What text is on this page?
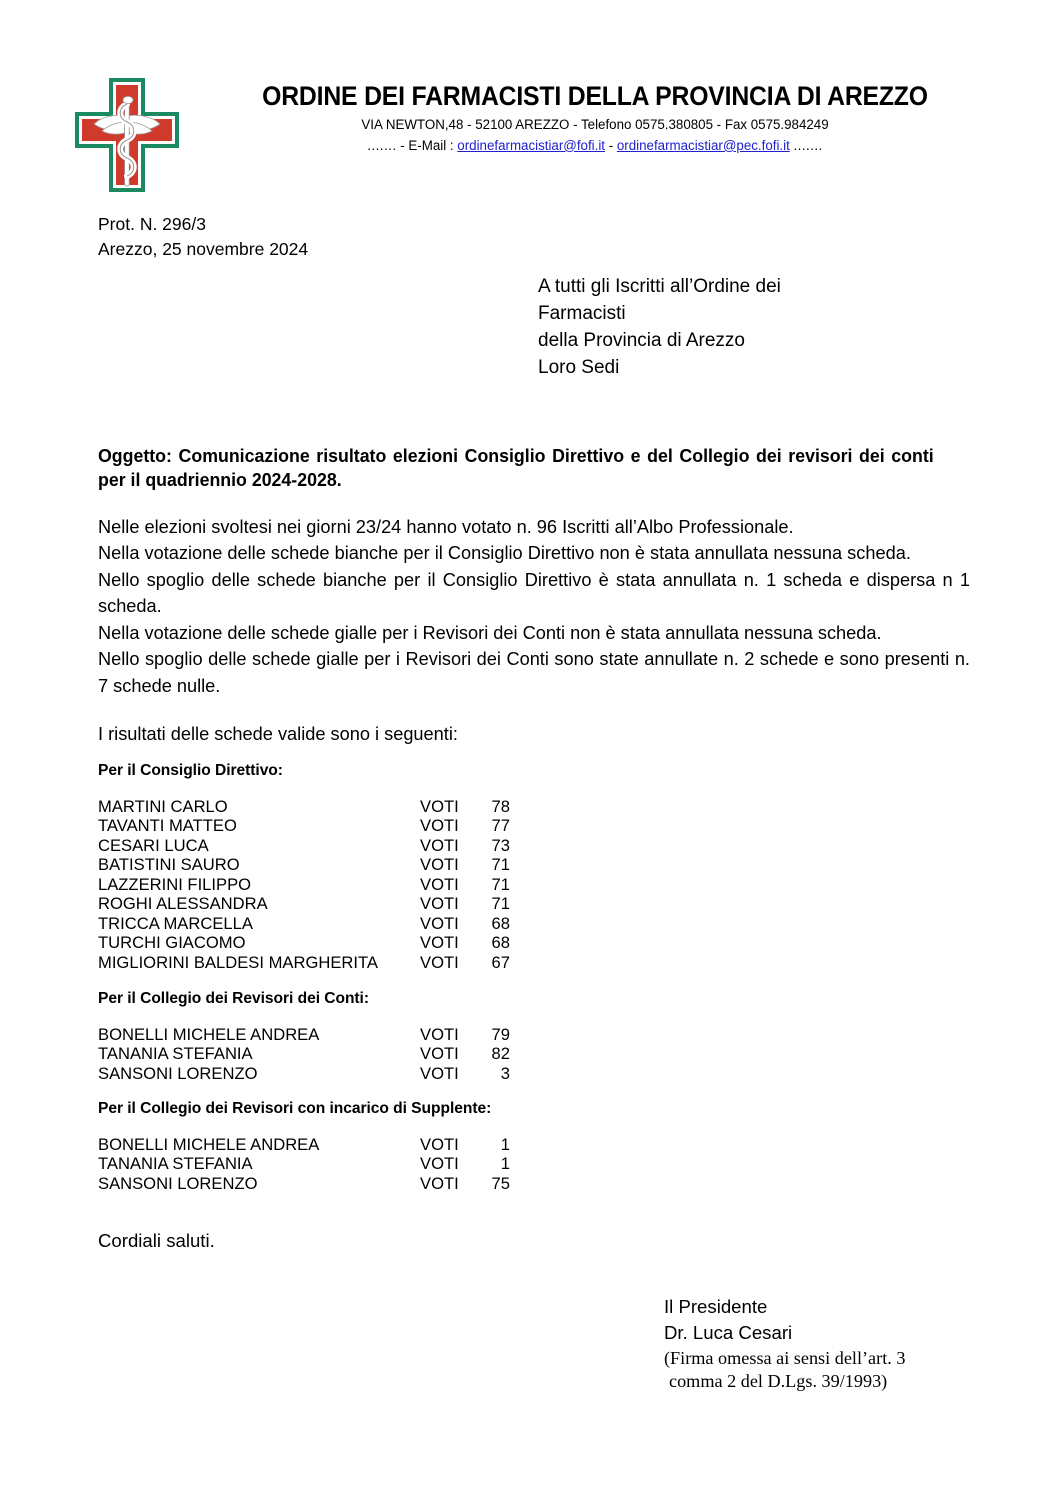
ORDINE DEI FARMACISTI DELLA PROVINCIA DI AREZZO
VIA NEWTON,48 - 52100 AREZZO - Telefono 0575.380805 - Fax 0575.984249
....... - E-Mail : ordinefarmacistiar@fofi.it - ordinefarmacistiar@pec.fofi.it .......
Prot. N. 296/3
Arezzo, 25 novembre 2024
A tutti gli Iscritti all’Ordine dei
Farmacisti
della Provincia di Arezzo
Loro Sedi
Oggetto: Comunicazione risultato elezioni Consiglio Direttivo e del Collegio dei revisori dei conti per il quadriennio 2024-2028.

Nelle elezioni svoltesi nei giorni 23/24 hanno votato n. 96 Iscritti all’Albo Professionale.

Nella votazione delle schede bianche per il Consiglio Direttivo non è stata annullata nessuna scheda.

Nello spoglio delle schede bianche per il Consiglio Direttivo è stata annullata n. 1 scheda e dispersa n 1 scheda.

Nella votazione delle schede gialle per i Revisori dei Conti non è stata annullata nessuna scheda.

Nello spoglio delle schede gialle per i Revisori dei Conti sono state annullate n. 2 schede e sono presenti n. 7 schede nulle.

I risultati delle schede valide sono i seguenti:
Per il Consiglio Direttivo:
MARTINI CARLO	VOTI	78
TAVANTI MATTEO	VOTI	77
CESARI LUCA	VOTI	73
BATISTINI SAURO	VOTI	71
LAZZERINI FILIPPO	VOTI	71
ROGHI ALESSANDRA	VOTI	71
TRICCA MARCELLA	VOTI	68
TURCHI GIACOMO	VOTI	68
MIGLIORINI BALDESI MARGHERITA	VOTI	67
Per il Collegio dei Revisori dei Conti:
BONELLI MICHELE ANDREA	VOTI	79
TANANIA STEFANIA	VOTI	82
SANSONI LORENZO	VOTI	3
Per il Collegio dei Revisori con incarico di Supplente:
BONELLI MICHELE ANDREA	VOTI	1
TANANIA STEFANIA	VOTI	1
SANSONI LORENZO	VOTI	75
Cordiali saluti.
Il Presidente
Dr. Luca Cesari
(Firma omessa ai sensi dell’art. 3
comma 2 del D.Lgs. 39/1993)
